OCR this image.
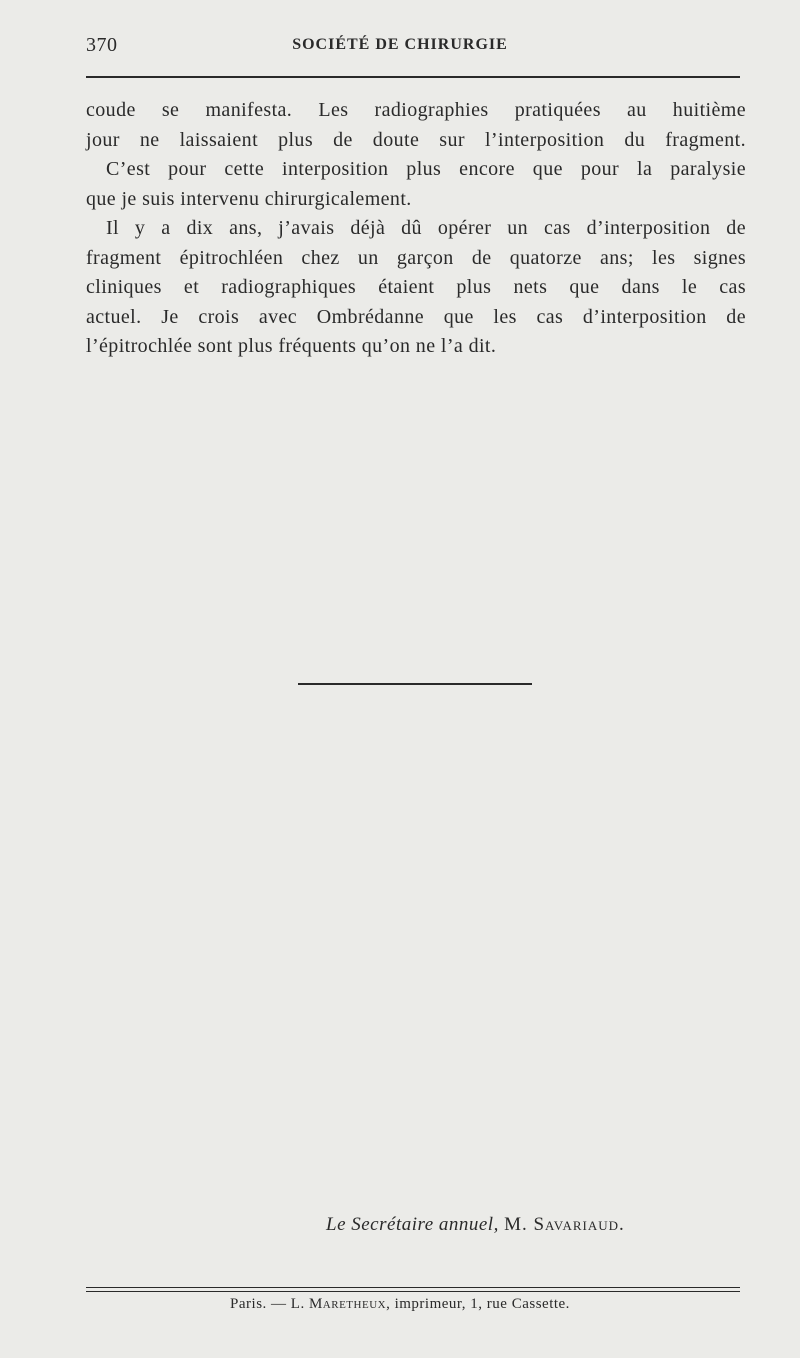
370	SOCIÉTÉ DE CHIRURGIE
coude se manifesta. Les radiographies pratiquées au huitième
jour ne laissaient plus de doute sur l’interposition du fragment.
C’est pour cette interposition plus encore que pour la paralysie
que je suis intervenu chirurgicalement.
Il y a dix ans, j’avais déjà dû opérer un cas d’interposition de
fragment épitrochléen chez un garçon de quatorze ans; les signes
cliniques et radiographiques étaient plus nets que dans le cas
actuel. Je crois avec Ombrédanne que les cas d’interposition de
l’épitrochlée sont plus fréquents qu’on ne l’a dit.
Le Secrétaire annuel, M. Savariaud.
Paris. — L. Maretheux, imprimeur, 1, rue Cassette.
